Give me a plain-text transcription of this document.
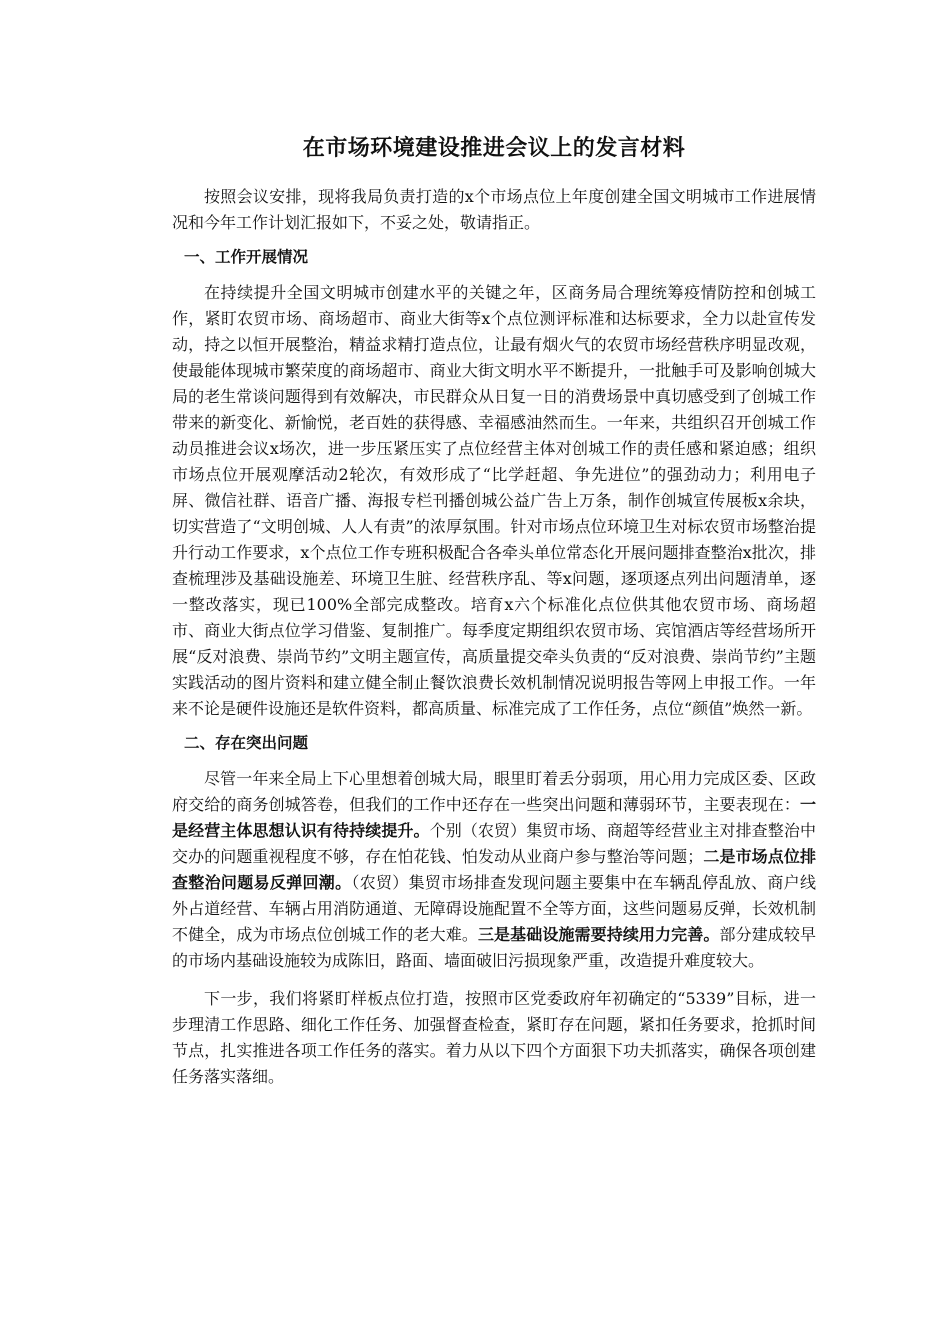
在市场环境建设推进会议上的发言材料

按照会议安排，现将我局负责打造的x个市场点位上年度创建全国文明城市工作进展情况和今年工作计划汇报如下，不妥之处，敬请指正。

一、工作开展情况

在持续提升全国文明城市创建水平的关键之年，区商务局合理统筹疫情防控和创城工作，紧盯农贸市场、商场超市、商业大街等x个点位测评标准和达标要求，全力以赴宣传发动，持之以恒开展整治，精益求精打造点位，让最有烟火气的农贸市场经营秩序明显改观，使最能体现城市繁荣度的商场超市、商业大街文明水平不断提升，一批触手可及影响创城大局的老生常谈问题得到有效解决，市民群众从日复一日的消费场景中真切感受到了创城工作带来的新变化、新愉悦，老百姓的获得感、幸福感油然而生。一年来，共组织召开创城工作动员推进会议x场次，进一步压紧压实了点位经营主体对创城工作的责任感和紧迫感；组织市场点位开展观摩活动2轮次，有效形成了“比学赶超、争先进位”的强劲动力；利用电子屏、微信社群、语音广播、海报专栏刊播创城公益广告上万条，制作创城宣传展板x余块，切实营造了“文明创城、人人有责”的浓厚氛围。针对市场点位环境卫生对标农贸市场整治提升行动工作要求，x个点位工作专班积极配合各牵头单位常态化开展问题排查整治x批次，排查梳理涉及基础设施差、环境卫生脏、经营秩序乱、等x问题，逐项逐点列出问题清单，逐一整改落实，现已100%全部完成整改。培育x六个标准化点位供其他农贸市场、商场超市、商业大街点位学习借鉴、复制推广。每季度定期组织农贸市场、宾馆酒店等经营场所开展“反对浪费、崇尚节约”文明主题宣传，高质量提交牵头负责的“反对浪费、崇尚节约”主题实践活动的图片资料和建立健全制止餐饮浪费长效机制情况说明报告等网上申报工作。一年来不论是硬件设施还是软件资料，都高质量、标准完成了工作任务，点位“颜值”焕然一新。

二、存在突出问题

尽管一年来全局上下心里想着创城大局，眼里盯着丢分弱项，用心用力完成区委、区政府交给的商务创城答卷，但我们的工作中还存在一些突出问题和薄弱环节，主要表现在：一是经营主体思想认识有待持续提升。个别（农贸）集贸市场、商超等经营业主对排查整治中交办的问题重视程度不够，存在怕花钱、怕发动从业商户参与整治等问题；二是市场点位排查整治问题易反弹回潮。（农贸）集贸市场排查发现问题主要集中在车辆乱停乱放、商户线外占道经营、车辆占用消防通道、无障碍设施配置不全等方面，这些问题易反弹，长效机制不健全，成为市场点位创城工作的老大难。三是基础设施需要持续用力完善。部分建成较早的市场内基础设施较为成陈旧，路面、墙面破旧污损现象严重，改造提升难度较大。

下一步，我们将紧盯样板点位打造，按照市区党委政府年初确定的“5339”目标，进一步理清工作思路、细化工作任务、加强督查检查，紧盯存在问题，紧扣任务要求，抢抓时间节点，扎实推进各项工作任务的落实。着力从以下四个方面狠下功夫抓落实，确保各项创建任务落实落细。
